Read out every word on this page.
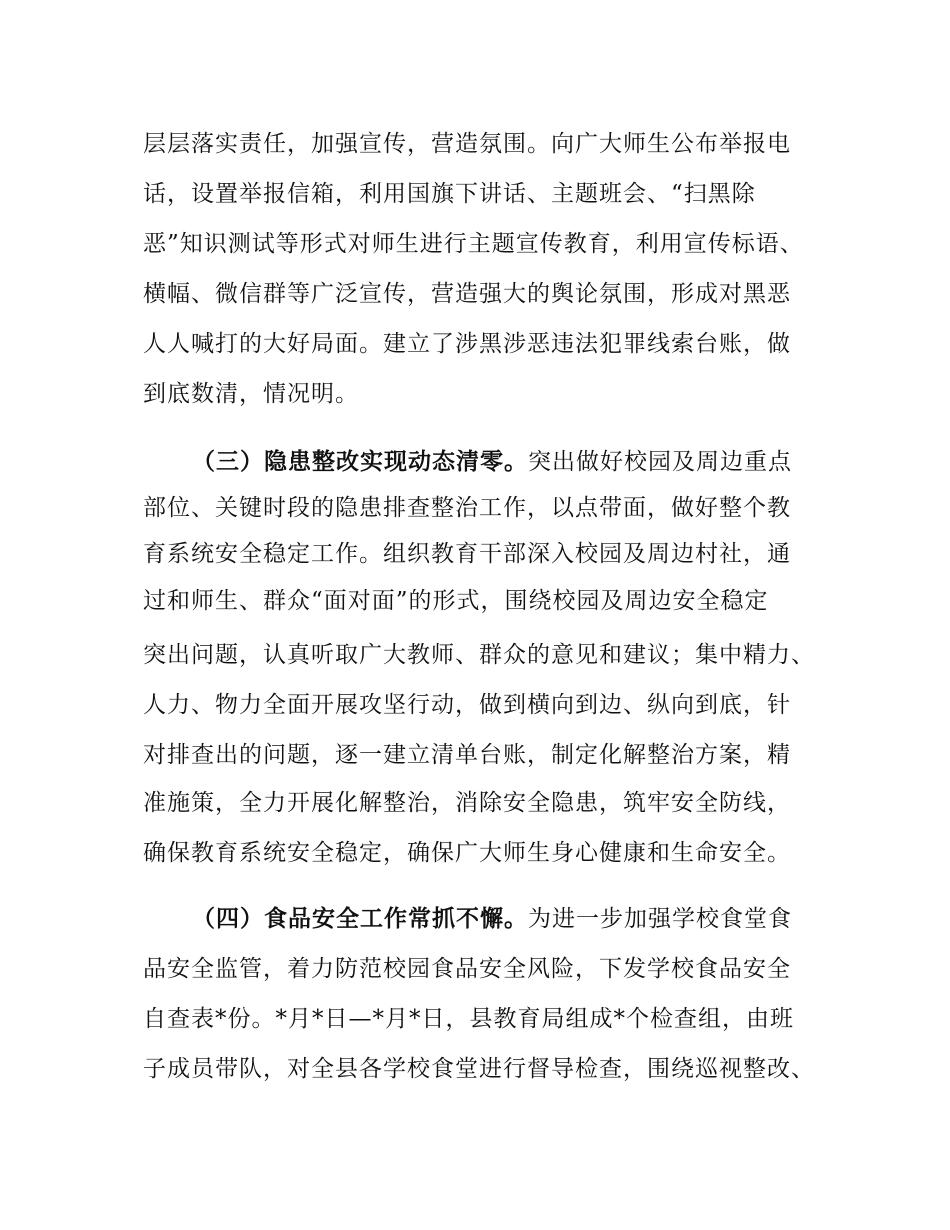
层层落实责任，加强宣传，营造氛围。向广大师生公布举报电
话，设置举报信箱，利用国旗下讲话、主题班会、“扫黑除
恶”知识测试等形式对师生进行主题宣传教育，利用宣传标语、
横幅、微信群等广泛宣传，营造强大的舆论氛围，形成对黑恶
人人喊打的大好局面。建立了涉黑涉恶违法犯罪线索台账，做
到底数清，情况明。
（三）隐患整改实现动态清零。突出做好校园及周边重点
部位、关键时段的隐患排查整治工作，以点带面，做好整个教
育系统安全稳定工作。组织教育干部深入校园及周边村社，通
过和师生、群众“面对面”的形式，围绕校园及周边安全稳定
突出问题，认真听取广大教师、群众的意见和建议；集中精力、
人力、物力全面开展攻坚行动，做到横向到边、纵向到底，针
对排查出的问题，逐一建立清单台账，制定化解整治方案，精
准施策，全力开展化解整治，消除安全隐患，筑牢安全防线，
确保教育系统安全稳定，确保广大师生身心健康和生命安全。
（四）食品安全工作常抓不懈。为进一步加强学校食堂食
品安全监管，着力防范校园食品安全风险，下发学校食品安全
自查表*份。*月*日—*月*日，县教育局组成*个检查组，由班
子成员带队，对全县各学校食堂进行督导检查，围绕巡视整改、
